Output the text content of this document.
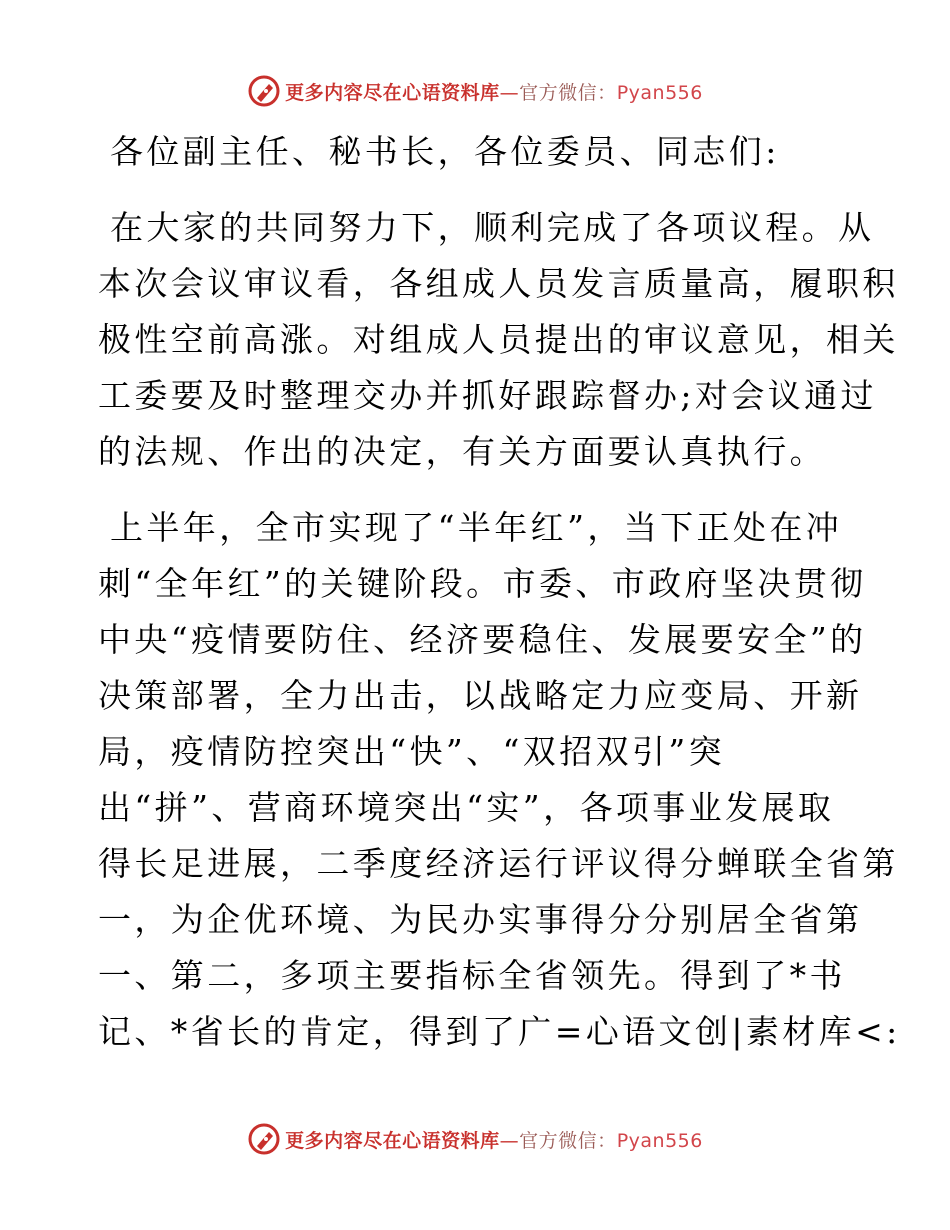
更多内容尽在心语资料库—官方微信：Pyan556
各位副主任、秘书长，各位委员、同志们:
在大家的共同努力下，顺利完成了各项议程。从
本次会议审议看，各组成人员发言质量高，履职积
极性空前高涨。对组成人员提出的审议意见，相关
工委要及时整理交办并抓好跟踪督办;对会议通过
的法规、作出的决定，有关方面要认真执行。
上半年，全市实现了“半年红”，当下正处在冲
刺“全年红”的关键阶段。市委、市政府坚决贯彻
中央“疫情要防住、经济要稳住、发展要安全”的
决策部署，全力出击，以战略定力应变局、开新
局，疫情防控突出“快”、“双招双引”突
出“拼”、营商环境突出“实”，各项事业发展取
得长足进展，二季度经济运行评议得分蝉联全省第
一，为企优环境、为民办实事得分分别居全省第
一、第二，多项主要指标全省领先。得到了*书
记、*省长的肯定，得到了广=心语文创|素材库<:
更多内容尽在心语资料库—官方微信：Pyan556
